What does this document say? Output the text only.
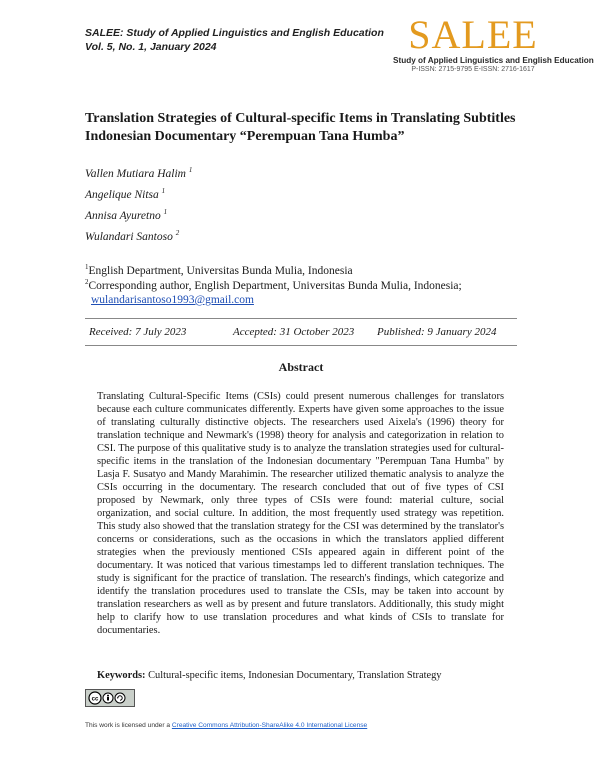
SALEE: Study of Applied Linguistics and English Education
Vol. 5, No. 1, January 2024	SALEE
Study of Applied Linguistics and English Education
P-ISSN: 2715-9795 E-ISSN: 2716-1617
Translation Strategies of Cultural-specific Items in Translating Subtitles Indonesian Documentary “Perempuan Tana Humba”
Vallen Mutiara Halim $^1$
Angelique Nitsa $^1$
Annisa Ayuretno $^1$
Wulandari Santoso $^2$
$^1$English Department, Universitas Bunda Mulia, Indonesia
$^2$Corresponding author, English Department, Universitas Bunda Mulia, Indonesia;
wulandarisantoso1993@gmail.com
Received: 7 July 2023	Accepted: 31 October 2023 Published: 9 January 2024
Abstract
Translating Cultural-Specific Items (CSIs) could present numerous challenges for translators because each culture communicates differently. Experts have given some approaches to the issue of translating culturally distinctive objects. The researchers used Aixela's (1996) theory for translation technique and Newmark's (1998) theory for analysis and categorization in relation to CSI. The purpose of this qualitative study is to analyze the translation strategies used for cultural-specific items in the translation of the Indonesian documentary "Perempuan Tana Humba" by Lasja F. Susatyo and Mandy Marahimin. The researcher utilized thematic analysis to analyze the CSIs occurring in the documentary. The research concluded that out of five types of CSI proposed by Newmark, only three types of CSIs were found: material culture, social organization, and social culture. In addition, the most frequently used strategy was repetition. This study also showed that the translation strategy for the CSI was determined by the translator's concerns or considerations, such as the occasions in which the translators applied different strategies when the previously mentioned CSIs appeared again in different point of the documentary. It was noticed that various timestamps led to different translation techniques. The study is significant for the practice of translation. The research's findings, which categorize and identify the translation procedures used to translate the CSIs, may be taken into account by translation researchers as well as by present and future translators. Additionally, this study might help to clarify how to use translation procedures and what kinds of CSIs to translate for documentaries.
Keywords: Cultural-specific items, Indonesian Documentary, Translation Strategy
cc
This work is licensed under a Creative Commons Attribution-ShareAlike 4.0 International License
